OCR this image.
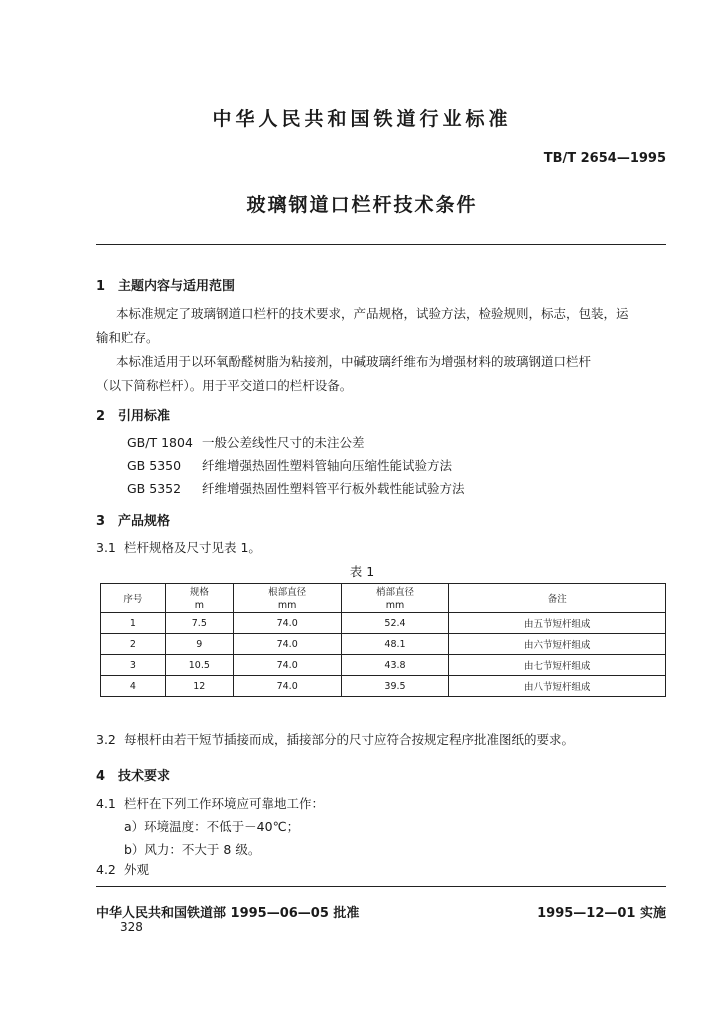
中华人民共和国铁道行业标准
TB/T 2654—1995
玻璃钢道口栏杆技术条件
1 主题内容与适用范围
本标准规定了玻璃钢道口栏杆的技术要求，产品规格，试验方法，检验规则，标志，包装，运
输和贮存。
本标准适用于以环氧酚醛树脂为粘接剂，中碱玻璃纤维布为增强材料的玻璃钢道口栏杆
（以下简称栏杆）。用于平交道口的栏杆设备。
2 引用标准
GB/T 1804 一般公差线性尺寸的未注公差
GB 5350 纤维增强热固性塑料管轴向压缩性能试验方法
GB 5352 纤维增强热固性塑料管平行板外载性能试验方法
3 产品规格
3.1 栏杆规格及尺寸见表 1。
表 1
序号	规格	根部直径	梢部直径	备注
	m	mm	mm	
1	7.5	74.0	52.4	由五节短杆组成
2	9	74.0	48.1	由六节短杆组成
3	10.5	74.0	43.8	由七节短杆组成
4	12	74.0	39.5	由八节短杆组成
3.2 每根杆由若干短节插接而成，插接部分的尺寸应符合按规定程序批准图纸的要求。
4 技术要求
4.1 栏杆在下列工作环境应可靠地工作：
a）环境温度：不低于－40℃；
b）风力：不大于 8 级。
4.2 外观
中华人民共和国铁道部 1995—06—05 批准	1995—12—01 实施
328
